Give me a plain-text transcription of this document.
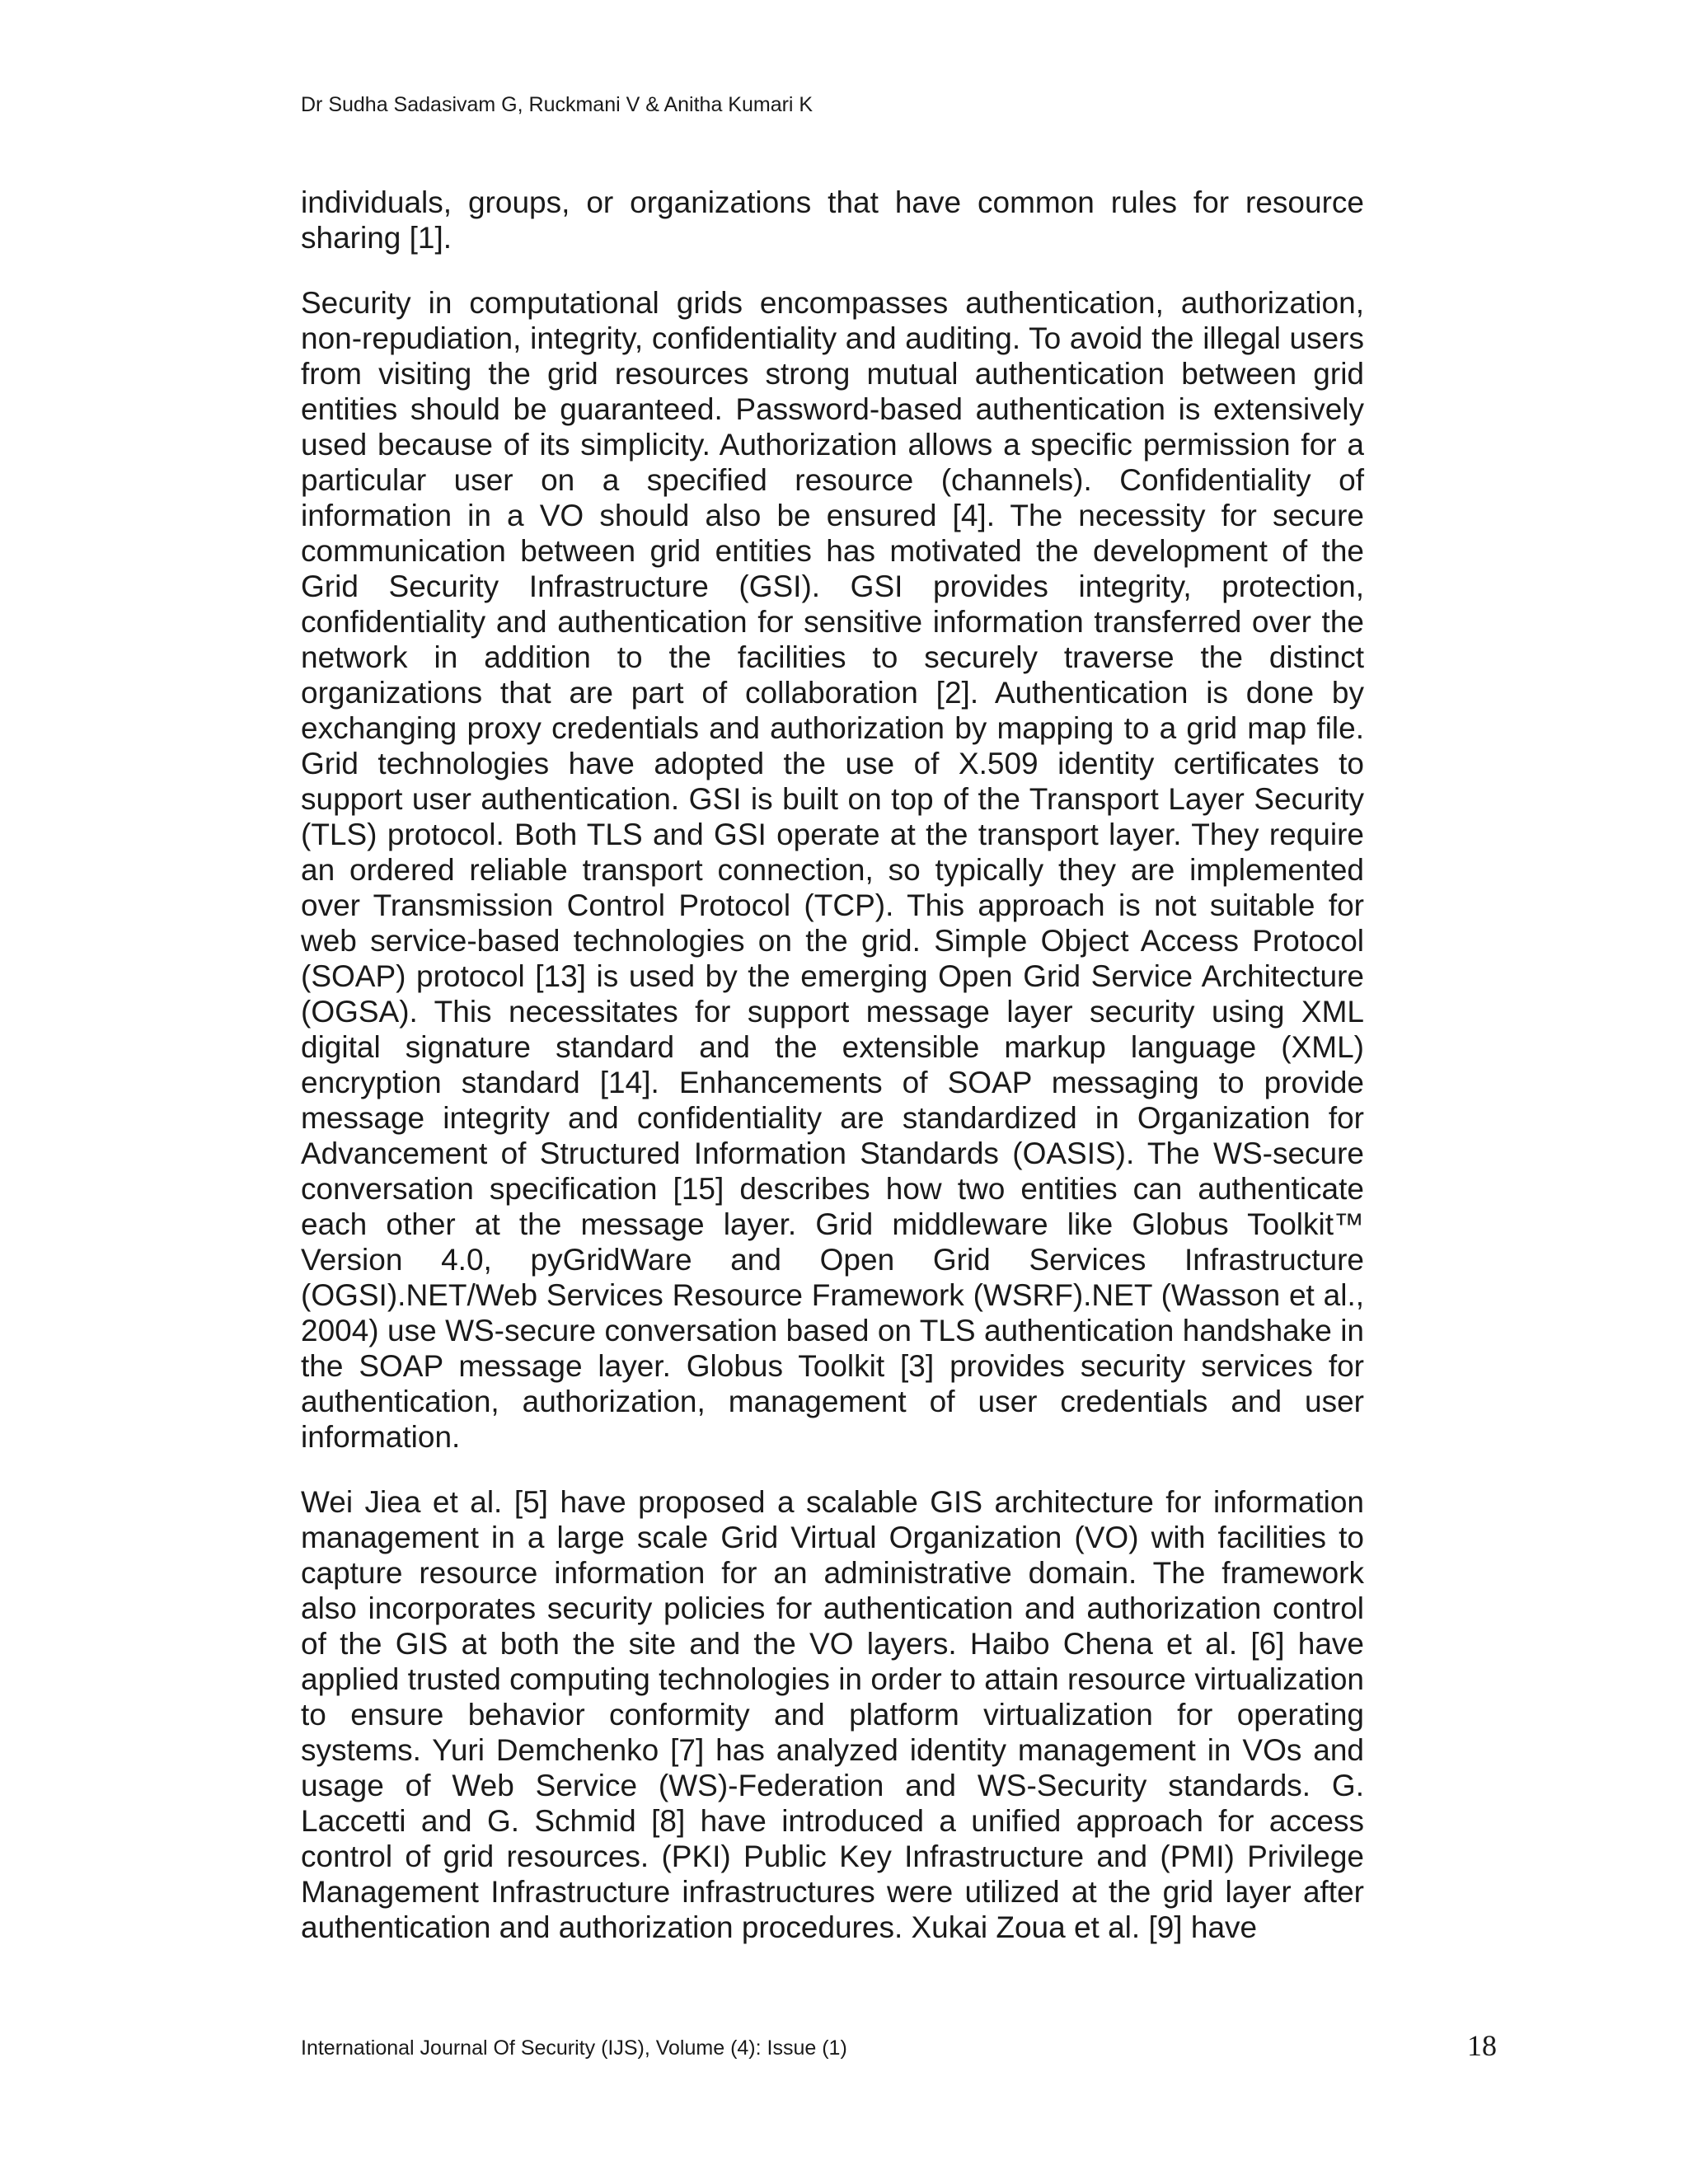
Dr Sudha Sadasivam G, Ruckmani V & Anitha Kumari K

individuals, groups, or organizations that have common rules for resource sharing [1].

Security in computational grids encompasses authentication, authorization, non-repudiation, integrity, confidentiality and auditing. To avoid the illegal users from visiting the grid resources strong mutual authentication between grid entities should be guaranteed. Password-based authentication is extensively used because of its simplicity. Authorization allows a specific permission for a particular user on a specified resource (channels). Confidentiality of information in a VO should also be ensured [4]. The necessity for secure communication between grid entities has motivated the development of the Grid Security Infrastructure (GSI). GSI provides integrity, protection, confidentiality and authentication for sensitive information transferred over the network in addition to the facilities to securely traverse the distinct organizations that are part of collaboration [2]. Authentication is done by exchanging proxy credentials and authorization by mapping to a grid map file. Grid technologies have adopted the use of X.509 identity certificates to support user authentication. GSI is built on top of the Transport Layer Security (TLS) protocol. Both TLS and GSI operate at the transport layer. They require an ordered reliable transport connection, so typically they are implemented over Transmission Control Protocol (TCP). This approach is not suitable for web service-based technologies on the grid. Simple Object Access Protocol (SOAP) protocol [13] is used by the emerging Open Grid Service Architecture (OGSA). This necessitates for support message layer security using XML digital signature standard and the extensible markup language (XML) encryption standard [14]. Enhancements of SOAP messaging to provide message integrity and confidentiality are standardized in Organization for Advancement of Structured Information Standards (OASIS). The WS-secure conversation specification [15] describes how two entities can authenticate each other at the message layer. Grid middleware like Globus Toolkit™ Version 4.0, pyGridWare and Open Grid Services Infrastructure (OGSI).NET/Web Services Resource Framework (WSRF).NET (Wasson et al., 2004) use WS-secure conversation based on TLS authentication handshake in the SOAP message layer. Globus Toolkit [3] provides security services for authentication, authorization, management of user credentials and user information.

Wei Jiea et al. [5] have proposed a scalable GIS architecture for information management in a large scale Grid Virtual Organization (VO) with facilities to capture resource information for an administrative domain. The framework also incorporates security policies for authentication and authorization control of the GIS at both the site and the VO layers. Haibo Chena et al. [6] have applied trusted computing technologies in order to attain resource virtualization to ensure behavior conformity and platform virtualization for operating systems. Yuri Demchenko [7] has analyzed identity management in VOs and usage of Web Service (WS)-Federation and WS-Security standards. G. Laccetti and G. Schmid [8] have introduced a unified approach for access control of grid resources. (PKI) Public Key Infrastructure and (PMI) Privilege Management Infrastructure infrastructures were utilized at the grid layer after authentication and authorization procedures. Xukai Zoua et al. [9] have

International Journal Of Security (IJS), Volume (4): Issue (1)	18
